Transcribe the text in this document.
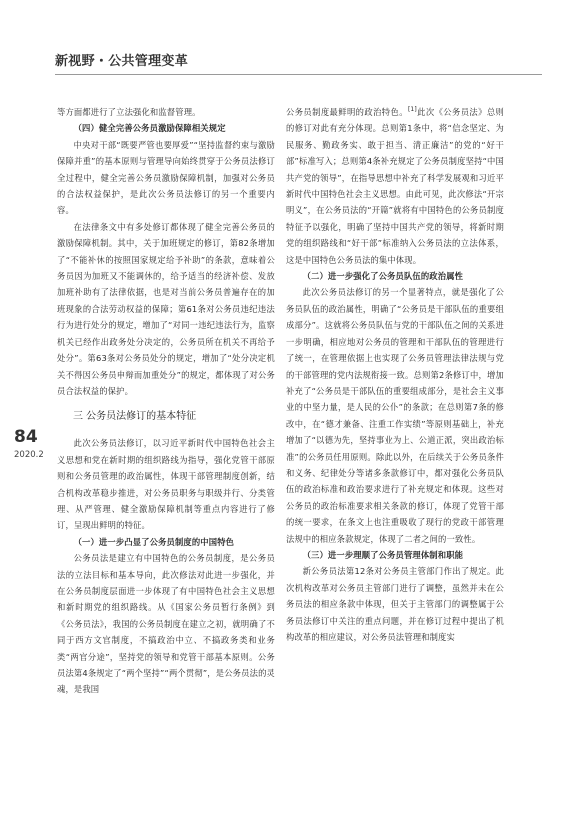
新视野・公共管理变革
84
2020.2

等方面都进行了立法强化和监督管理。

（四）健全完善公务员激励保障相关规定

中央对干部“既要严管也要厚爱”“坚持监督约束与激励保障并重”的基本原则与管理导向始终贯穿于公务员法修订全过程中，健全完善公务员激励保障机制，加强对公务员的合法权益保护，是此次公务员法修订的另一个重要内容。

在法律条文中有多处修订都体现了健全完善公务员的激励保障机制。其中，关于加班规定的修订，第82条增加了“不能补休的按照国家规定给予补助”的条款，意味着公务员因为加班又不能调休的，给予适当的经济补偿、发放加班补助有了法律依据，也是对当前公务员普遍存在的加班现象的合法劳动权益的保障；第61条对公务员违纪违法行为进行处分的规定，增加了“对同一违纪违法行为，监察机关已经作出政务处分决定的，公务员所在机关不再给予处分”。第63条对公务员处分的规定，增加了“处分决定机关不得因公务员申辩而加重处分”的规定，都体现了对公务员合法权益的保护。

三 公务员法修订的基本特征

此次公务员法修订，以习近平新时代中国特色社会主义思想和党在新时期的组织路线为指导，强化党管干部原则和公务员管理的政治属性，体现干部管理制度创新，结合机构改革稳步推进，对公务员职务与职级并行、分类管理、从严管理、健全激励保障机制等重点内容进行了修订，呈现出鲜明的特征。

（一）进一步凸显了公务员制度的中国特色

公务员法是建立有中国特色的公务员制度，是公务员法的立法目标和基本导向，此次修法对此进一步强化，并在公务员制度层面进一步体现了有中国特色社会主义思想和新时期党的组织路线。从《国家公务员暂行条例》到《公务员法》，我国的公务员制度在建立之初，就明确了不同于西方文官制度，不搞政治中立、不搞政务类和业务类“两官分途”，坚持党的领导和党管干部基本原则。公务员法第4条规定了“两个坚持”“两个贯彻”，是公务员法的灵魂，是我国

公务员制度最鲜明的政治特色。[1]此次《公务员法》总则的修订对此有充分体现。总则第1条中，将“信念坚定、为民服务、勤政务实、敢于担当、清正廉洁”的党的“好干部”标准写入；总则第4条补充规定了公务员制度坚持“中国共产党的领导”，在指导思想中补充了科学发展观和习近平新时代中国特色社会主义思想。由此可见，此次修法“开宗明义”，在公务员法的“开篇”就将有中国特色的公务员制度特征予以强化，明确了坚持中国共产党的领导，将新时期党的组织路线和“好干部”标准纳入公务员法的立法体系，这是中国特色公务员法的集中体现。

（二）进一步强化了公务员队伍的政治属性

此次公务员法修订的另一个显著特点，就是强化了公务员队伍的政治属性，明确了“公务员是干部队伍的重要组成部分”。这就将公务员队伍与党的干部队伍之间的关系进一步明确，相应地对公务员的管理和干部队伍的管理进行了统一，在管理依据上也实现了公务员管理法律法规与党的干部管理的党内法规衔接一致。总则第2条修订中，增加补充了“公务员是干部队伍的重要组成部分，是社会主义事业的中坚力量，是人民的公仆”的条款；在总则第7条的修改中，在“德才兼备、注重工作实绩”等原则基础上，补充增加了“以德为先，坚持事业为上、公道正派，突出政治标准”的公务员任用原则。除此以外，在后续关于公务员条件和义务、纪律处分等诸多条款修订中，都对强化公务员队伍的政治标准和政治要求进行了补充规定和体现。这些对公务员的政治标准要求相关条款的修订，体现了党管干部的统一要求，在条文上也注重吸收了现行的党政干部管理法规中的相应条款规定，体现了二者之间的一致性。

（三）进一步理顺了公务员管理体制和职能

新公务员法第12条对公务员主管部门作出了规定。此次机构改革对公务员主管部门进行了调整，虽然并未在公务员法的相应条款中体现，但关于主管部门的调整属于公务员法修订中关注的重点问题，并在修订过程中提出了机构改革的相应建议，对公务员法管理和制度实
